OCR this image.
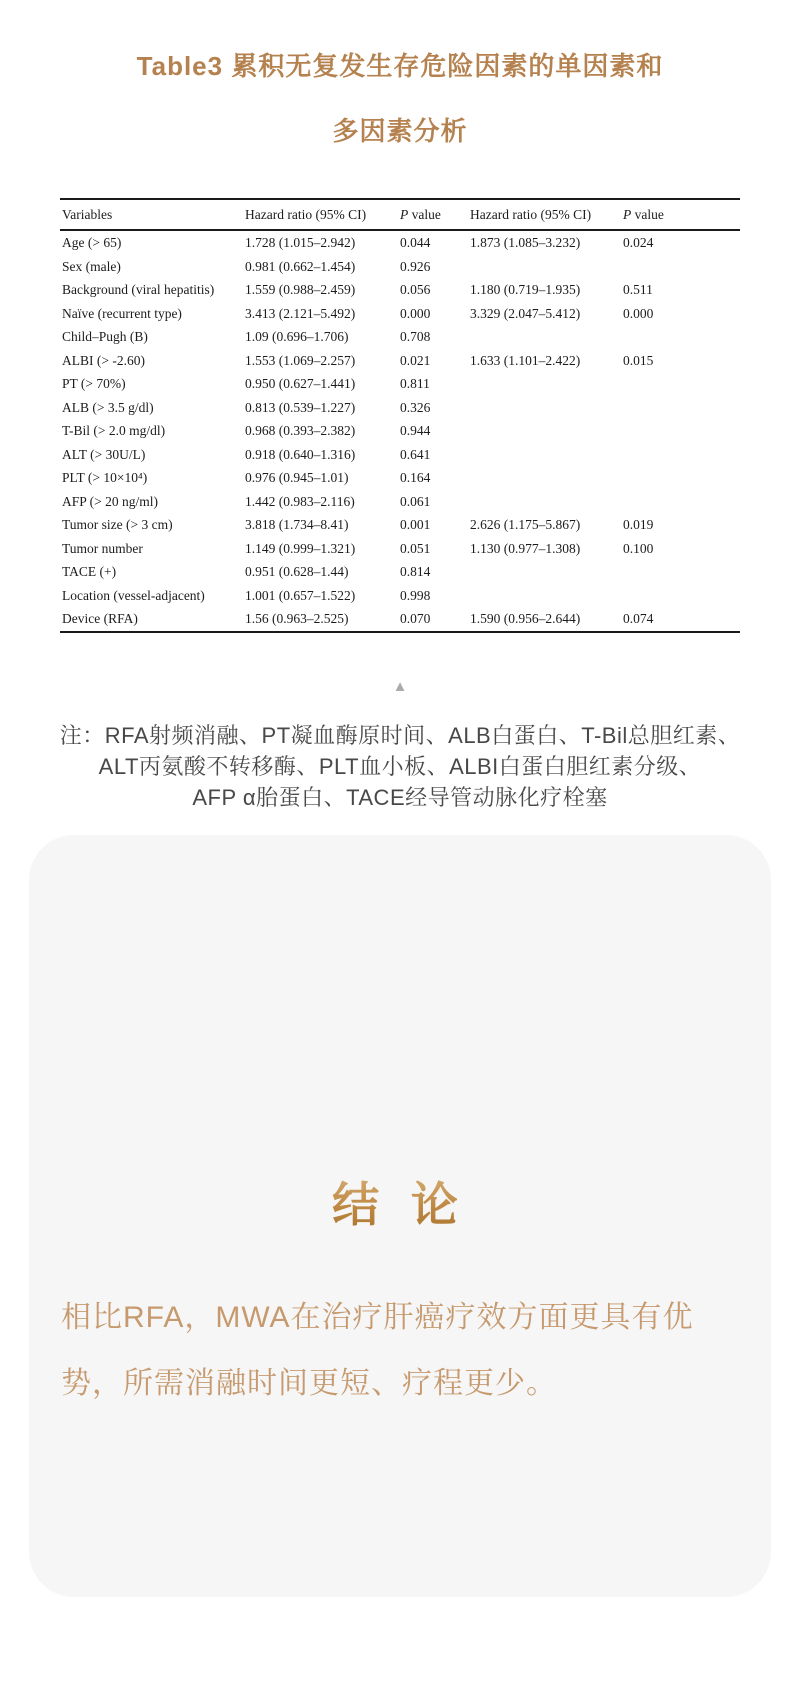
Table3 累积无复发生存危险因素的单因素和
多因素分析
Variables	Hazard ratio (95% CI)	P value	Hazard ratio (95% CI)	P value
Age (> 65)	1.728 (1.015–2.942)	0.044	1.873 (1.085–3.232)	0.024
Sex (male)	0.981 (0.662–1.454)	0.926		
Background (viral hepatitis)	1.559 (0.988–2.459)	0.056	1.180 (0.719–1.935)	0.511
Naïve (recurrent type)	3.413 (2.121–5.492)	0.000	3.329 (2.047–5.412)	0.000
Child–Pugh (B)	1.09 (0.696–1.706)	0.708		
ALBI (> -2.60)	1.553 (1.069–2.257)	0.021	1.633 (1.101–2.422)	0.015
PT (> 70%)	0.950 (0.627–1.441)	0.811		
ALB (> 3.5 g/dl)	0.813 (0.539–1.227)	0.326		
T-Bil (> 2.0 mg/dl)	0.968 (0.393–2.382)	0.944		
ALT (> 30U/L)	0.918 (0.640–1.316)	0.641		
PLT (> 10×10⁴)	0.976 (0.945–1.01)	0.164		
AFP (> 20 ng/ml)	1.442 (0.983–2.116)	0.061		
Tumor size (> 3 cm)	3.818 (1.734–8.41)	0.001	2.626 (1.175–5.867)	0.019
Tumor number	1.149 (0.999–1.321)	0.051	1.130 (0.977–1.308)	0.100
TACE (+)	0.951 (0.628–1.44)	0.814		
Location (vessel-adjacent)	1.001 (0.657–1.522)	0.998		
Device (RFA)	1.56 (0.963–2.525)	0.070	1.590 (0.956–2.644)	0.074
▲
注：RFA射频消融、PT凝血酶原时间、ALB白蛋白、T-Bil总胆红素、
ALT丙氨酸不转移酶、PLT血小板、ALBI白蛋白胆红素分级、
AFP α胎蛋白、TACE经导管动脉化疗栓塞
结 论
相比RFA，MWA在治疗肝癌疗效方面更具有优
势，所需消融时间更短、疗程更少。
